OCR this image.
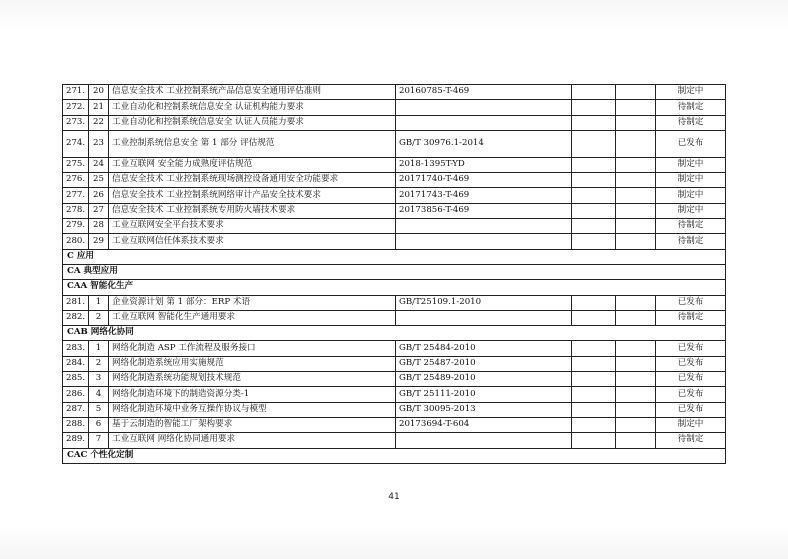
271.	20	信息安全技术 工业控制系统产品信息安全通用评估准则	20160785-T-469			制定中
272.	21	工业自动化和控制系统信息安全 认证机构能力要求				待制定
273.	22	工业自动化和控制系统信息安全 认证人员能力要求				待制定
274.	23	工业控制系统信息安全 第 1 部分 评估规范	GB/T 30976.1-2014			已发布
275.	24	工业互联网 安全能力成熟度评估规范	2018-1395T-YD			制定中
276.	25	信息安全技术 工业控制系统现场测控设备通用安全功能要求	20171740-T-469			制定中
277.	26	信息安全技术 工业控制系统网络审计产品安全技术要求	20171743-T-469			制定中
278.	27	信息安全技术 工业控制系统专用防火墙技术要求	20173856-T-469			制定中
279.	28	工业互联网安全平台技术要求				待制定
280.	29	工业互联网信任体系技术要求				待制定
C 应用						
CA 典型应用						
CAA 智能化生产						
281.	1	企业资源计划 第 1 部分：ERP 术语	GB/T25109.1-2010			已发布
282.	2	工业互联网 智能化生产通用要求				待制定
CAB 网络化协同						
283.	1	网络化制造 ASP 工作流程及服务接口	GB/T 25484-2010			已发布
284.	2	网络化制造系统应用实施规范	GB/T 25487-2010			已发布
285.	3	网络化制造系统功能规划技术规范	GB/T 25489-2010			已发布
286.	4	网络化制造环境下的制造资源分类-1	GB/T 25111-2010			已发布
287.	5	网络化制造环境中业务互操作协议与模型	GB/T 30095-2013			已发布
288.	6	基于云制造的智能工厂架构要求	20173694-T-604			制定中
289.	7	工业互联网 网络化协同通用要求				待制定
CAC 个性化定制						
41
